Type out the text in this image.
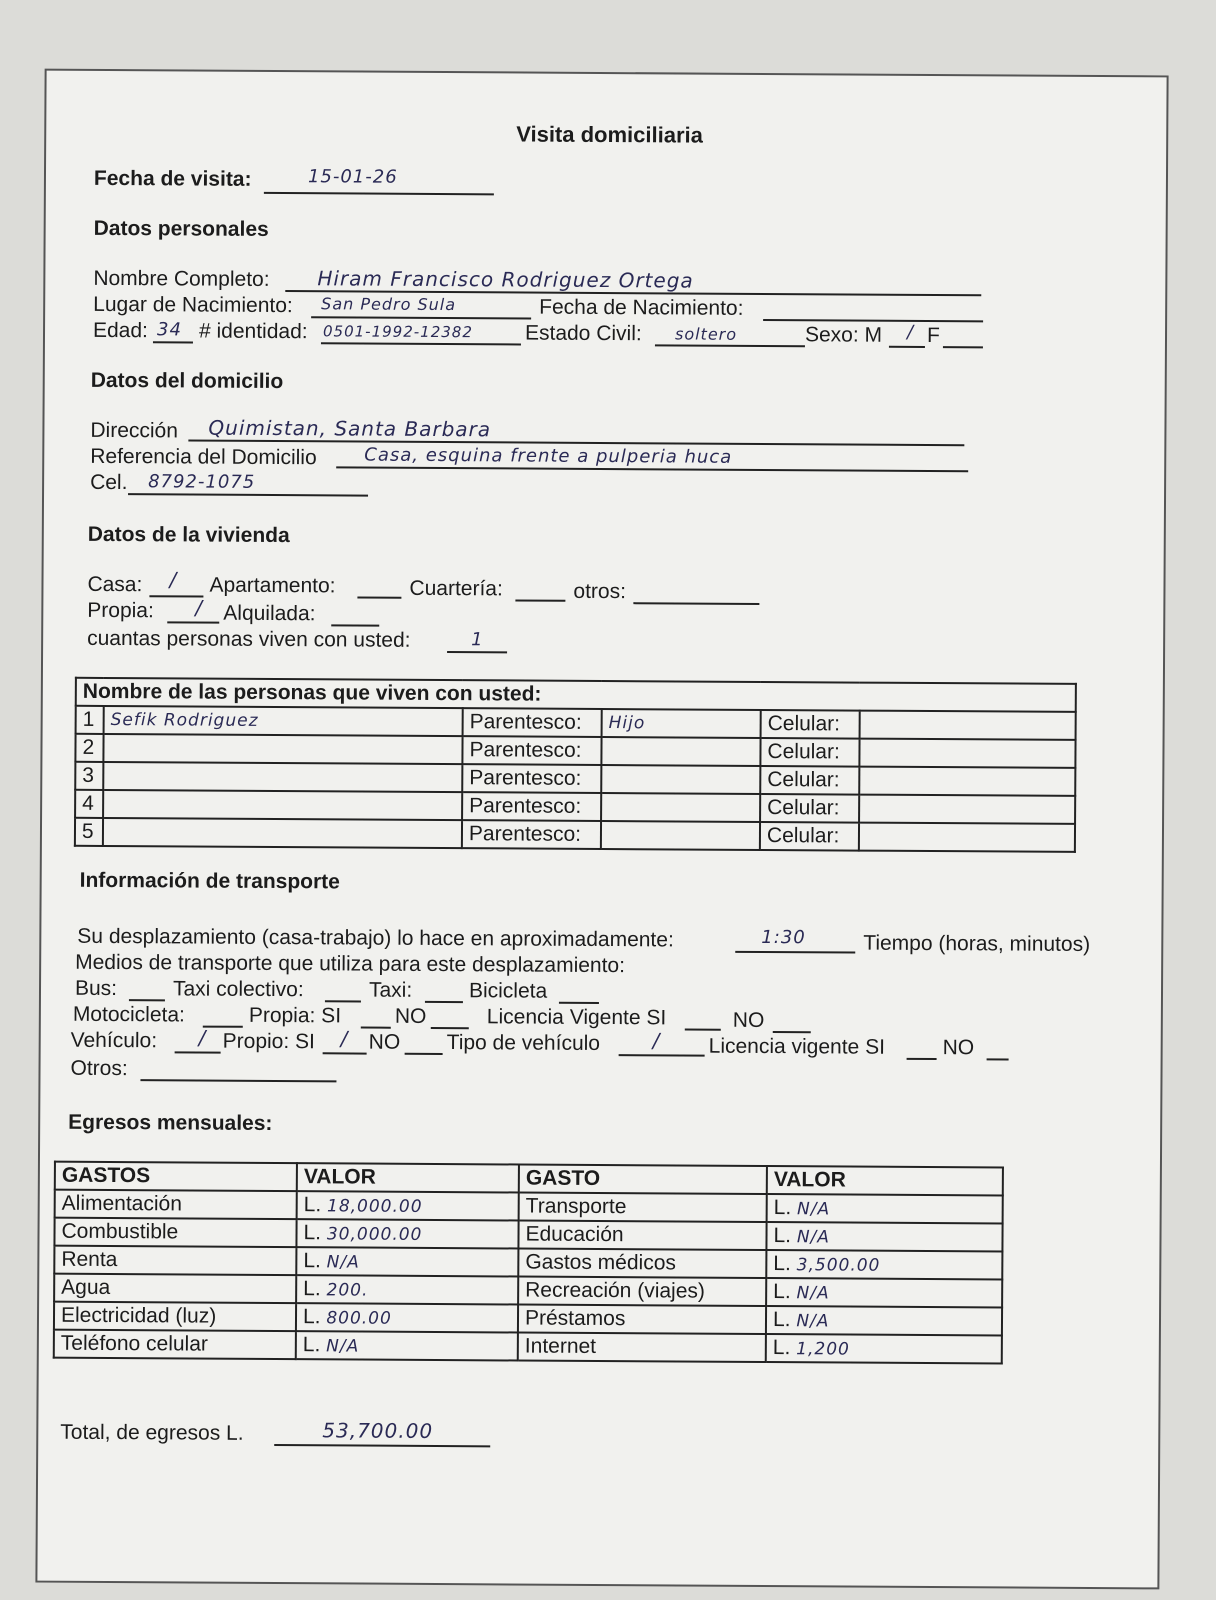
Visita domiciliaria
Fecha de visita:	15-01-26
Datos personales
Nombre Completo: Hiram Francisco Rodriguez Ortega
Lugar de Nacimiento: San Pedro Sula	Fecha de Nacimiento:
Edad: 34 # identidad: 0501-1992-12382 Estado Civil: soltero	Sexo: M / F
Datos del domicilio
Dirección Quimistan, Santa Barbara
Referencia del Domicilio	Casa, esquina frente a pulperia huca
Cel. 8792-1075
Datos de la vivienda
Casa: / Apartamento:	Cuartería:	otros:
Propia: / Alquilada:
cuantas personas viven con usted:	1
Nombre de las personas que viven con usted:					
1	Sefik Rodriguez	Parentesco:	Hijo	Celular:	
2		Parentesco:		Celular:	
3		Parentesco:		Celular:	
4		Parentesco:		Celular:	
5		Parentesco:		Celular:	
Información de transporte
Su desplazamiento (casa-trabajo) lo hace en aproximadamente:	1:30	Tiempo (horas, minutos)
Medios de transporte que utiliza para este desplazamiento:
Bus:	Taxi colectivo:	Taxi:	Bicicleta
Motocicleta:	Propia: SI	NO	Licencia Vigente SI	NO
Vehículo: / Propio: SI / NO Tipo de vehículo	/ Licencia vigente SI	NO
Otros:
Egresos mensuales:
GASTOS	VALOR	GASTO	VALOR
Alimentación	L. 18,000.00	Transporte	L. N/A
Combustible	L. 30,000.00	Educación	L. N/A
Renta	L. N/A	Gastos médicos	L. 3,500.00
Agua	L. 200.	Recreación (viajes)	L. N/A
Electricidad (luz)	L. 800.00	Préstamos	L. N/A
Teléfono celular	L. N/A	Internet	L. 1,200
Total, de egresos L.	53,700.00
